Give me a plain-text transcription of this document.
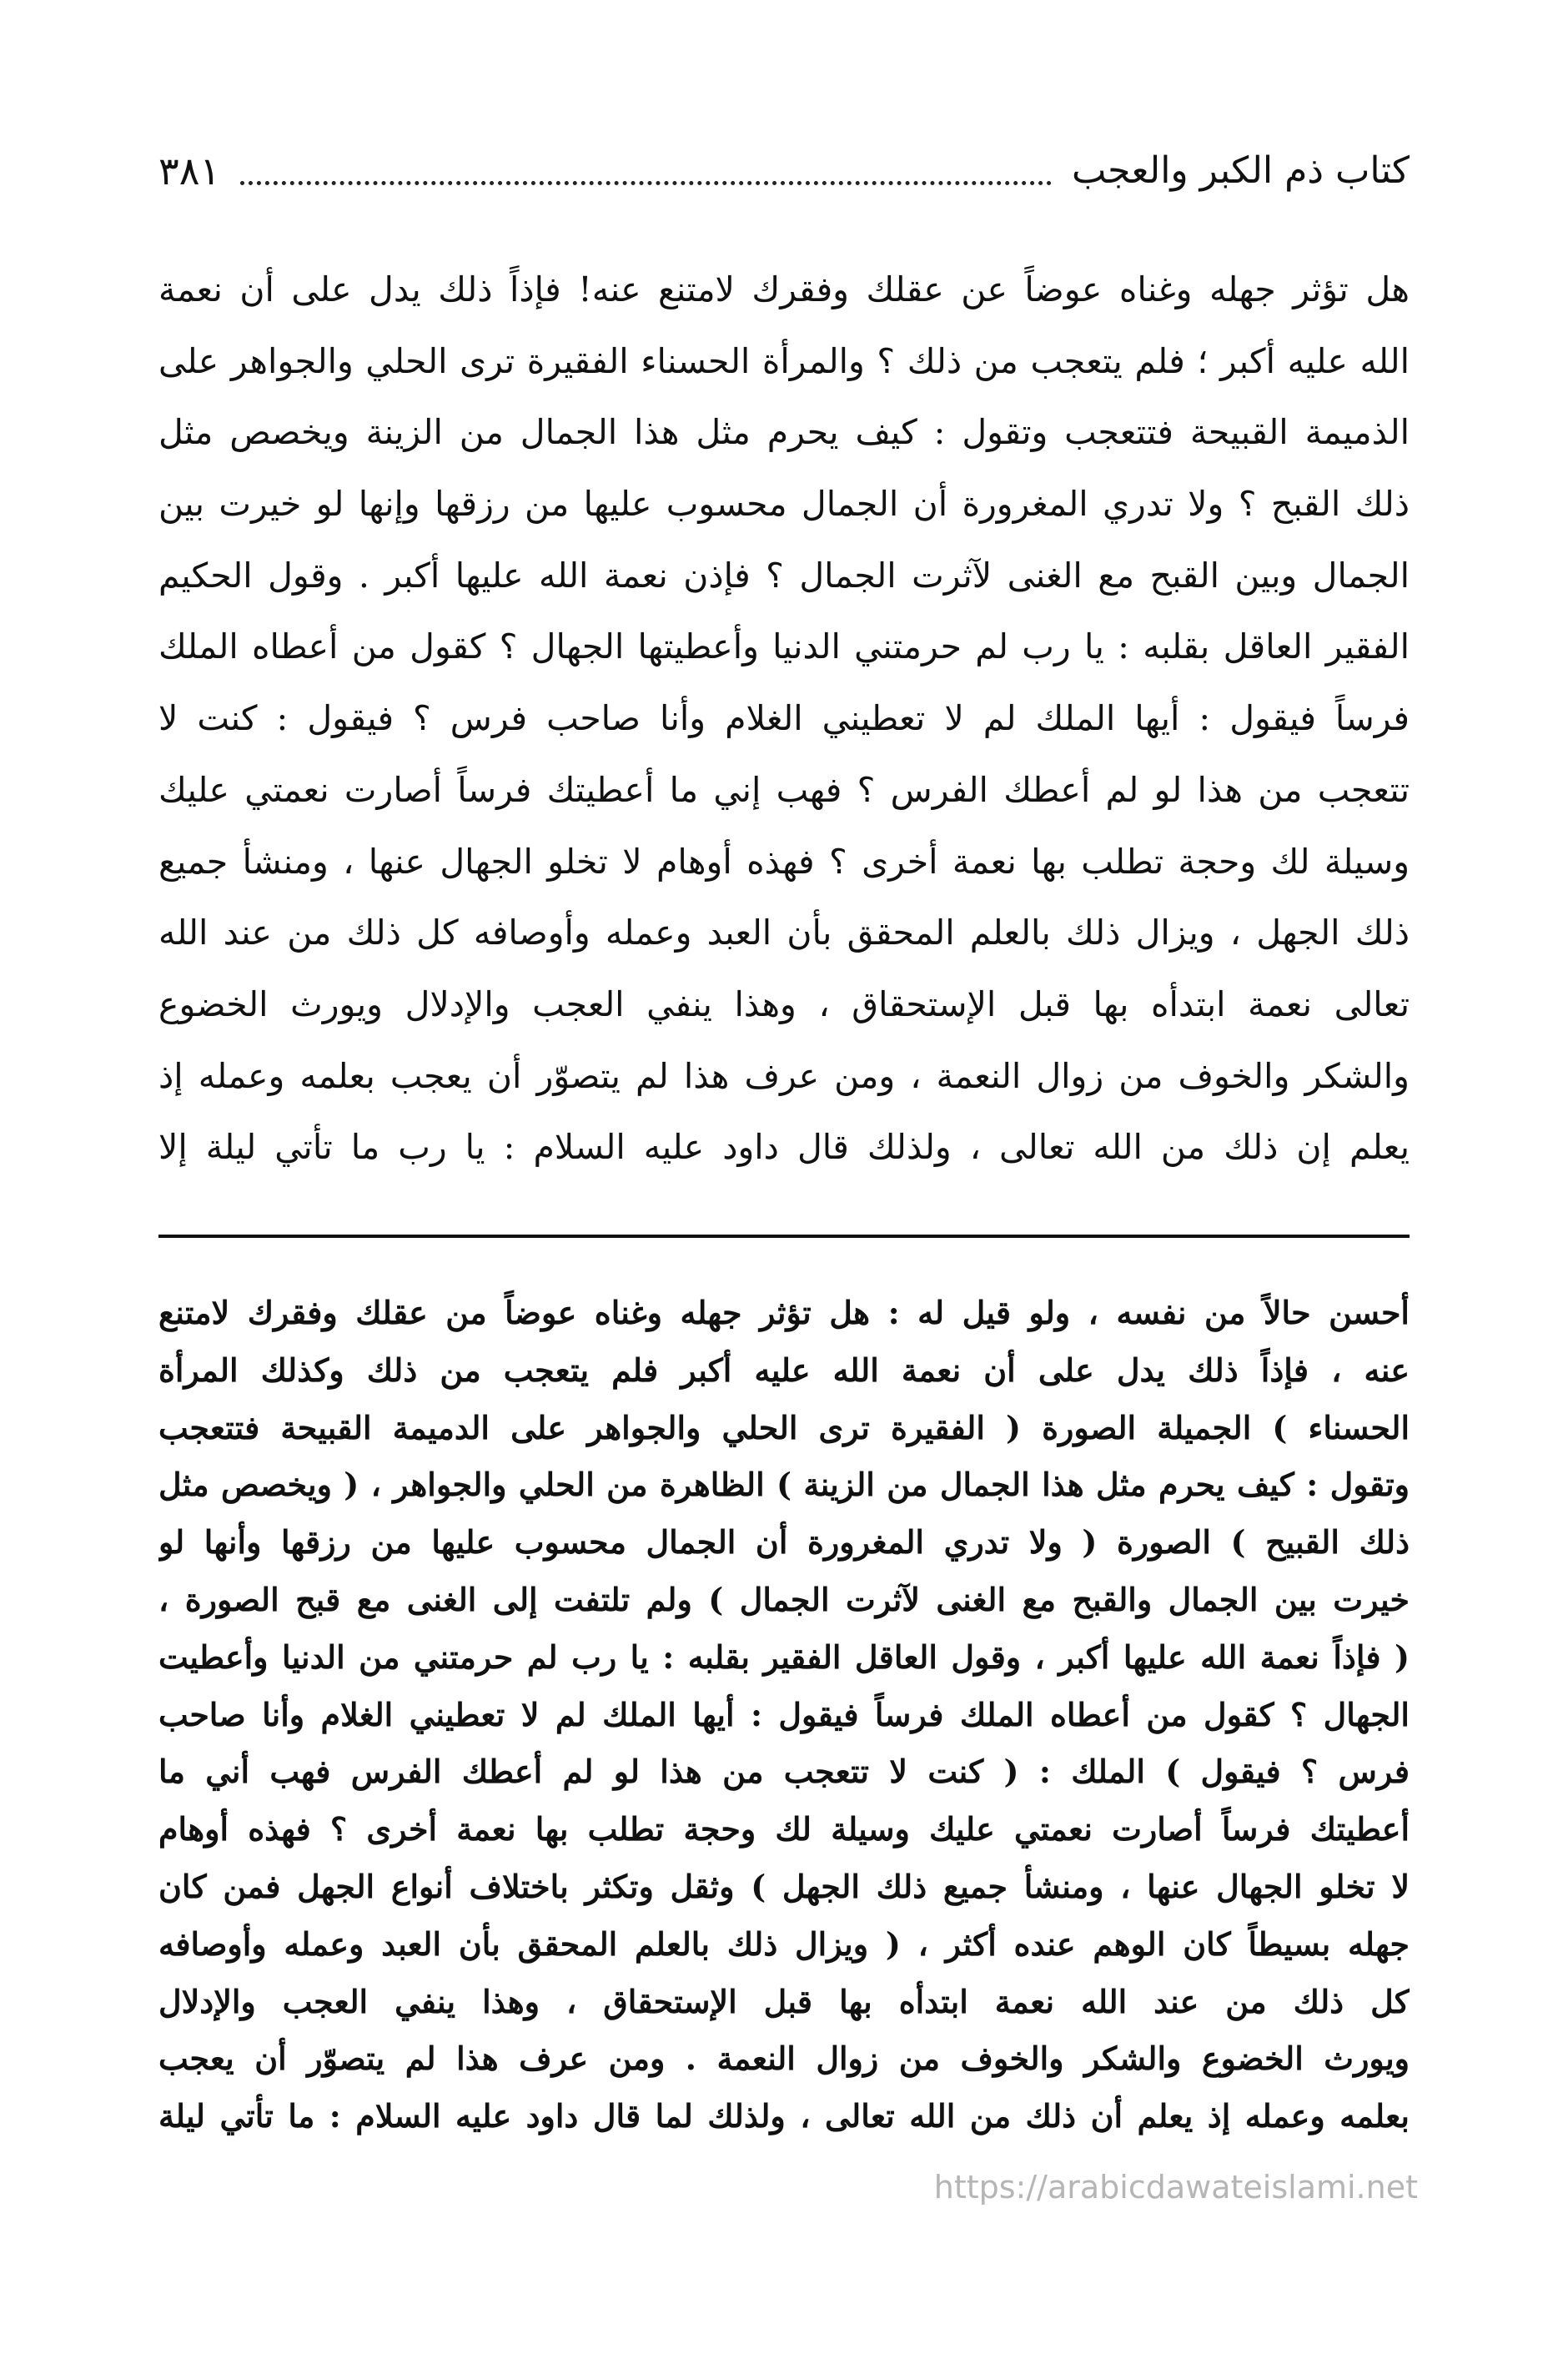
كتاب ذم الكبر والعجب
٣٨١
هل تؤثر جهله وغناه عوضاً عن عقلك وفقرك لامتنع عنه! فإذاً ذلك يدل على أن نعمة
الله عليه أكبر ؛ فلم يتعجب من ذلك ؟ والمرأة الحسناء الفقيرة ترى الحلي والجواهر على
الذميمة القبيحة فتتعجب وتقول : كيف يحرم مثل هذا الجمال من الزينة ويخصص مثل
ذلك القبح ؟ ولا تدري المغرورة أن الجمال محسوب عليها من رزقها وإنها لو خيرت بين
الجمال وبين القبح مع الغنى لآثرت الجمال ؟ فإذن نعمة الله عليها أكبر . وقول الحكيم
الفقير العاقل بقلبه : يا رب لم حرمتني الدنيا وأعطيتها الجهال ؟ كقول من أعطاه الملك
فرساً فيقول : أيها الملك لم لا تعطيني الغلام وأنا صاحب فرس ؟ فيقول : كنت لا
تتعجب من هذا لو لم أعطك الفرس ؟ فهب إني ما أعطيتك فرساً أصارت نعمتي عليك
وسيلة لك وحجة تطلب بها نعمة أخرى ؟ فهذه أوهام لا تخلو الجهال عنها ، ومنشأ جميع
ذلك الجهل ، ويزال ذلك بالعلم المحقق بأن العبد وعمله وأوصافه كل ذلك من عند الله
تعالى نعمة ابتدأه بها قبل الإستحقاق ، وهذا ينفي العجب والإدلال ويورث الخضوع
والشكر والخوف من زوال النعمة ، ومن عرف هذا لم يتصوّر أن يعجب بعلمه وعمله إذ
يعلم إن ذلك من الله تعالى ، ولذلك قال داود عليه السلام : يا رب ما تأتي ليلة إلا
أحسن حالاً من نفسه ، ولو قيل له : هل تؤثر جهله وغناه عوضاً من عقلك وفقرك لامتنع
عنه ، فإذاً ذلك يدل على أن نعمة الله عليه أكبر فلم يتعجب من ذلك وكذلك المرأة
الحسناء ) الجميلة الصورة ( الفقيرة ترى الحلي والجواهر على الدميمة القبيحة فتتعجب
وتقول : كيف يحرم مثل هذا الجمال من الزينة ) الظاهرة من الحلي والجواهر ، ( ويخصص مثل
ذلك القبيح ) الصورة ( ولا تدري المغرورة أن الجمال محسوب عليها من رزقها وأنها لو
خيرت بين الجمال والقبح مع الغنى لآثرت الجمال ) ولم تلتفت إلى الغنى مع قبح الصورة ،
( فإذاً نعمة الله عليها أكبر ، وقول العاقل الفقير بقلبه : يا رب لم حرمتني من الدنيا وأعطيت
الجهال ؟ كقول من أعطاه الملك فرساً فيقول : أيها الملك لم لا تعطيني الغلام وأنا صاحب
فرس ؟ فيقول ) الملك : ( كنت لا تتعجب من هذا لو لم أعطك الفرس فهب أني ما
أعطيتك فرساً أصارت نعمتي عليك وسيلة لك وحجة تطلب بها نعمة أخرى ؟ فهذه أوهام
لا تخلو الجهال عنها ، ومنشأ جميع ذلك الجهل ) وثقل وتكثر باختلاف أنواع الجهل فمن كان
جهله بسيطاً كان الوهم عنده أكثر ، ( ويزال ذلك بالعلم المحقق بأن العبد وعمله وأوصافه
كل ذلك من عند الله نعمة ابتدأه بها قبل الإستحقاق ، وهذا ينفي العجب والإدلال
ويورث الخضوع والشكر والخوف من زوال النعمة . ومن عرف هذا لم يتصوّر أن يعجب
بعلمه وعمله إذ يعلم أن ذلك من الله تعالى ، ولذلك لما قال داود عليه السلام : ما تأتي ليلة
https://arabicdawateislami.net
